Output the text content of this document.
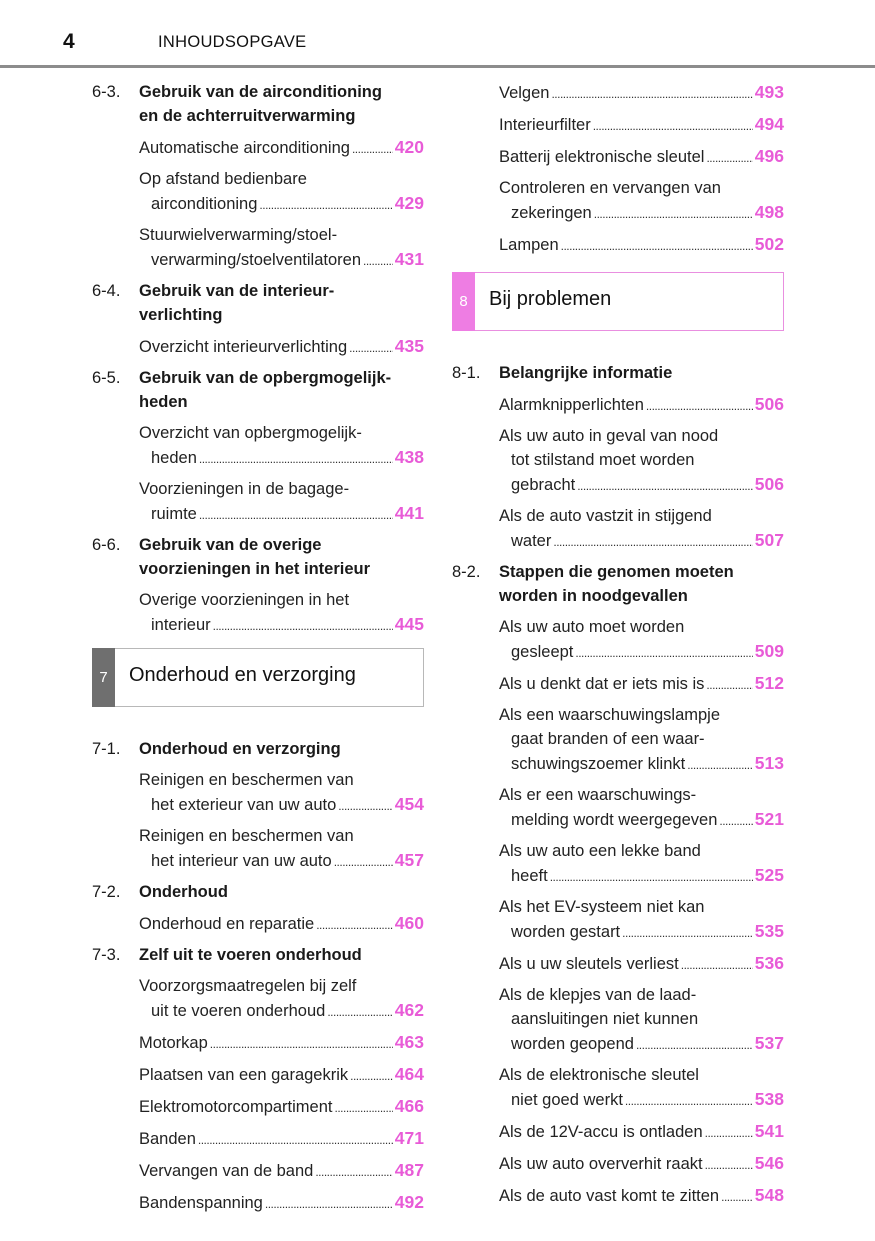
4	INHOUDSOPGAVE
6-3.	Gebruik van de airconditioning
en de achterruitverwarming
Automatische airconditioning .....	420
Op afstand bedienbare
airconditioning .....	429
Stuurwielverwarming/stoel-
verwarming/stoelventilatoren ..... 431
6-4.	Gebruik van de interieur-
verlichting
Overzicht interieurverlichting .....	435
6-5.	Gebruik van de opbergmogelijk-
heden
Overzicht van opbergmogelijk-
heden .....	438
Voorzieningen in de bagage-
ruimte .....	441
6-6.	Gebruik van de overige
voorzieningen in het interieur
Overige voorzieningen in het
interieur .....	445
7	Onderhoud en verzorging
7-1.	Onderhoud en verzorging
Reinigen en beschermen van
het exterieur van uw auto .....	454
Reinigen en beschermen van
het interieur van uw auto .....	457
7-2.	Onderhoud
Onderhoud en reparatie .....	460
7-3.	Zelf uit te voeren onderhoud
Voorzorgsmaatregelen bij zelf
uit te voeren onderhoud .....	462
Motorkap .....	463
Plaatsen van een garagekrik .....	464
Elektromotorcompartiment .....	466
Banden .....	471
Vervangen van de band .....	487
Bandenspanning .....	492
Velgen .....	493
Interieurfilter .....	494
Batterij elektronische sleutel .....	496
Controleren en vervangen van
zekeringen .....	498
Lampen .....	502
8	Bij problemen
8-1.	Belangrijke informatie
Alarmknipperlichten .....	506
Als uw auto in geval van nood
tot stilstand moet worden
gebracht .....	506
Als de auto vastzit in stijgend
water .....	507
8-2.	Stappen die genomen moeten
worden in noodgevallen
Als uw auto moet worden
gesleept .....	509
Als u denkt dat er iets mis is .....	512
Als een waarschuwingslampje
gaat branden of een waar-
schuwingszoemer klinkt .....	513
Als er een waarschuwings-
melding wordt weergegeven ..... 521
Als uw auto een lekke band
heeft .....	525
Als het EV-systeem niet kan
worden gestart .....	535
Als u uw sleutels verliest .....	536
Als de klepjes van de laad-
aansluitingen niet kunnen
worden geopend .....	537
Als de elektronische sleutel
niet goed werkt .....	538
Als de 12V-accu is ontladen .....	541
Als uw auto oververhit raakt .....	546
Als de auto vast komt te zitten ..... 548
